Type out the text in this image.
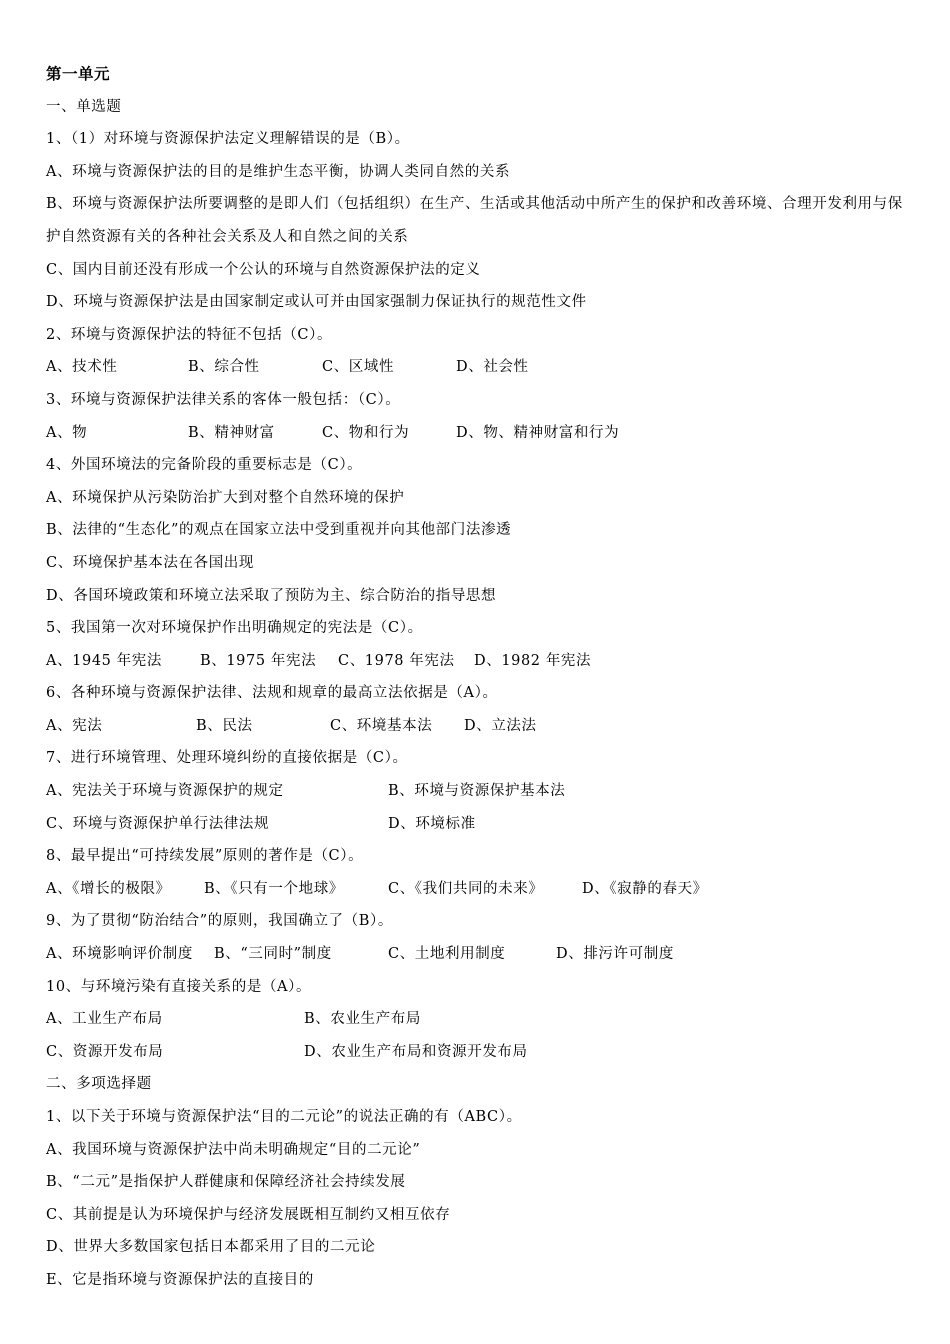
第一单元
一、单选题
1、（1）对环境与资源保护法定义理解错误的是（B）。
A、环境与资源保护法的目的是维护生态平衡，协调人类同自然的关系
B、环境与资源保护法所要调整的是即人们（包括组织）在生产、生活或其他活动中所产生的保护和改善环境、合理开发利用与保护自然资源有关的各种社会关系及人和自然之间的关系
C、国内目前还没有形成一个公认的环境与自然资源保护法的定义
D、环境与资源保护法是由国家制定或认可并由国家强制力保证执行的规范性文件
2、环境与资源保护法的特征不包括（C）。
A、技术性	B、综合性	C、区域性	D、社会性
3、环境与资源保护法律关系的客体一般包括：（C）。
A、物	B、精神财富	C、物和行为	D、物、精神财富和行为
4、外国环境法的完备阶段的重要标志是（C）。
A、环境保护从污染防治扩大到对整个自然环境的保护
B、法律的“生态化”的观点在国家立法中受到重视并向其他部门法渗透
C、环境保护基本法在各国出现
D、各国环境政策和环境立法采取了预防为主、综合防治的指导思想
5、我国第一次对环境保护作出明确规定的宪法是（C）。
A、1945 年宪法	B、1975 年宪法 C、1978 年宪法 D、1982 年宪法
6、各种环境与资源保护法律、法规和规章的最高立法依据是（A）。
A、宪法	B、民法	C、环境基本法 D、立法法
7、进行环境管理、处理环境纠纷的直接依据是（C）。
A、宪法关于环境与资源保护的规定	B、环境与资源保护基本法
C、环境与资源保护单行法律法规	D、环境标准
8、最早提出“可持续发展”原则的著作是（C）。
A、《增长的极限》 B、《只有一个地球》	C、《我们共同的未来》	D、《寂静的春天》
9、为了贯彻“防治结合”的原则，我国确立了（B）。
A、环境影响评价制度 B、“三同时”制度	C、土地利用制度	D、排污许可制度
10、与环境污染有直接关系的是（A）。
A、工业生产布局	B、农业生产布局
C、资源开发布局	D、农业生产布局和资源开发布局
二、多项选择题
1、以下关于环境与资源保护法“目的二元论”的说法正确的有（ABC）。
A、我国环境与资源保护法中尚未明确规定“目的二元论”
B、“二元”是指保护人群健康和保障经济社会持续发展
C、其前提是认为环境保护与经济发展既相互制约又相互依存
D、世界大多数国家包括日本都采用了目的二元论
E、它是指环境与资源保护法的直接目的
